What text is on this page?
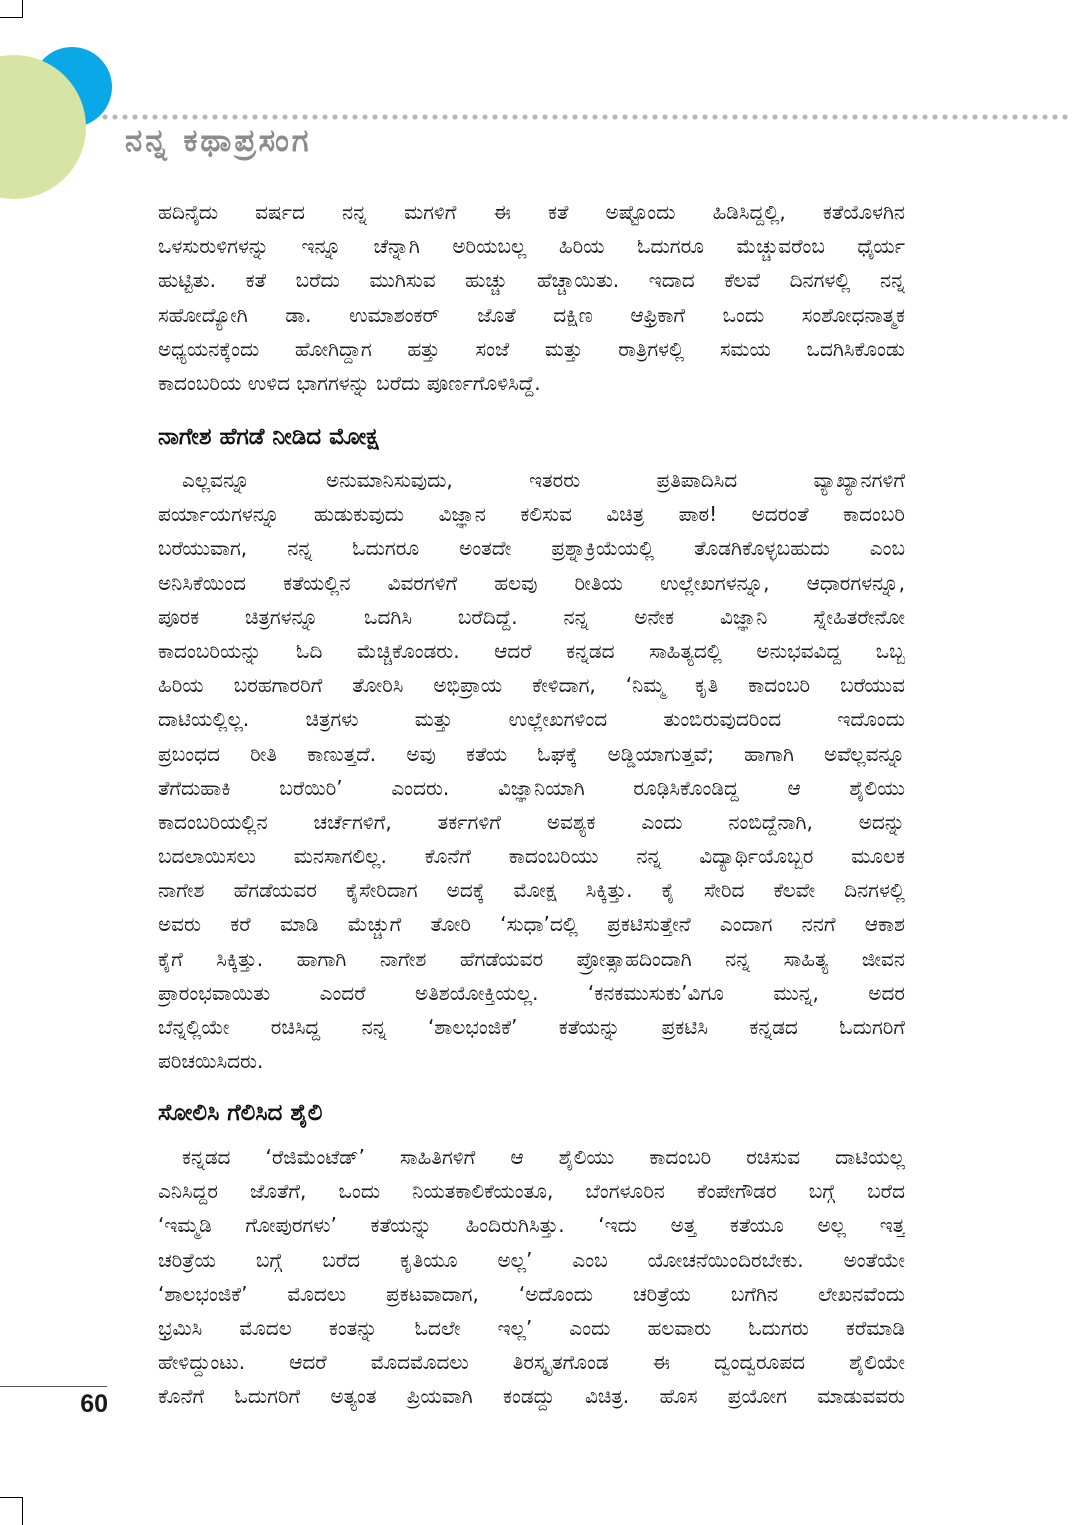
ನನ್ನ ಕಥಾಪ್ರಸಂಗ
ಹದಿನೈದು ವರ್ಷದ ನನ್ನ ಮಗಳಿಗೆ ಈ ಕತೆ ಅಷ್ಟೊಂದು ಹಿಡಿಸಿದ್ದಲ್ಲಿ, ಕತೆಯೊಳಗಿನ
ಒಳಸುರುಳಿಗಳನ್ನು ಇನ್ನೂ ಚೆನ್ನಾಗಿ ಅರಿಯಬಲ್ಲ ಹಿರಿಯ ಓದುಗರೂ ಮೆಚ್ಚುವರೆಂಬ ಧೈರ್ಯ
ಹುಟ್ಟಿತು. ಕತೆ ಬರೆದು ಮುಗಿಸುವ ಹುಚ್ಚು ಹೆಚ್ಚಾಯಿತು. ಇದಾದ ಕೆಲವೆ ದಿನಗಳಲ್ಲಿ ನನ್ನ
ಸಹೋದ್ಯೋಗಿ ಡಾ. ಉಮಾಶಂಕರ್ ಜೊತೆ ದಕ್ಷಿಣ ಆಫ್ರಿಕಾಗೆ ಒಂದು ಸಂಶೋಧನಾತ್ಮಕ
ಅಧ್ಯಯನಕ್ಕೆಂದು ಹೋಗಿದ್ದಾಗ ಹತ್ತು ಸಂಜೆ ಮತ್ತು ರಾತ್ರಿಗಳಲ್ಲಿ ಸಮಯ ಒದಗಿಸಿಕೊಂಡು
ಕಾದಂಬರಿಯ ಉಳಿದ ಭಾಗಗಳನ್ನು ಬರೆದು ಪೂರ್ಣಗೊಳಿಸಿದ್ದೆ.
ನಾಗೇಶ ಹೆಗಡೆ ನೀಡಿದ ಮೋಕ್ಷ
ಎಲ್ಲವನ್ನೂ ಅನುಮಾನಿಸುವುದು, ಇತರರು ಪ್ರತಿಪಾದಿಸಿದ ವ್ಯಾಖ್ಯಾನಗಳಿಗೆ
ಪರ್ಯಾಯಗಳನ್ನೂ ಹುಡುಕುವುದು ವಿಜ್ಞಾನ ಕಲಿಸುವ ವಿಚಿತ್ರ ಪಾಠ! ಅದರಂತೆ ಕಾದಂಬರಿ
ಬರೆಯುವಾಗ, ನನ್ನ ಓದುಗರೂ ಅಂತದೇ ಪ್ರಶ್ನಾಕ್ರಿಯೆಯಲ್ಲಿ ತೊಡಗಿಕೊಳ್ಳಬಹುದು ಎಂಬ
ಅನಿಸಿಕೆಯಿಂದ ಕತೆಯಲ್ಲಿನ ವಿವರಗಳಿಗೆ ಹಲವು ರೀತಿಯ ಉಲ್ಲೇಖಗಳನ್ನೂ, ಆಧಾರಗಳನ್ನೂ,
ಪೂರಕ ಚಿತ್ರಗಳನ್ನೂ ಒದಗಿಸಿ ಬರೆದಿದ್ದೆ. ನನ್ನ ಅನೇಕ ವಿಜ್ಞಾನಿ ಸ್ನೇಹಿತರೇನೋ
ಕಾದಂಬರಿಯನ್ನು ಓದಿ ಮೆಚ್ಚಿಕೊಂಡರು. ಆದರೆ ಕನ್ನಡದ ಸಾಹಿತ್ಯದಲ್ಲಿ ಅನುಭವವಿದ್ದ ಒಬ್ಬ
ಹಿರಿಯ ಬರಹಗಾರರಿಗೆ ತೋರಿಸಿ ಅಭಿಪ್ರಾಯ ಕೇಳಿದಾಗ, ‘ನಿಮ್ಮ ಕೃತಿ ಕಾದಂಬರಿ ಬರೆಯುವ
ದಾಟಿಯಲ್ಲಿಲ್ಲ. ಚಿತ್ರಗಳು ಮತ್ತು ಉಲ್ಲೇಖಗಳಿಂದ ತುಂಬಿರುವುದರಿಂದ ಇದೊಂದು
ಪ್ರಬಂಧದ ರೀತಿ ಕಾಣುತ್ತದೆ. ಅವು ಕತೆಯ ಓಘಕ್ಕೆ ಅಡ್ಡಿಯಾಗುತ್ತವೆ; ಹಾಗಾಗಿ ಅವೆಲ್ಲವನ್ನೂ
ತೆಗೆದುಹಾಕಿ ಬರೆಯಿರಿ’ ಎಂದರು. ವಿಜ್ಞಾನಿಯಾಗಿ ರೂಢಿಸಿಕೊಂಡಿದ್ದ ಆ ಶೈಲಿಯು
ಕಾದಂಬರಿಯಲ್ಲಿನ ಚರ್ಚೆಗಳಿಗೆ, ತರ್ಕಗಳಿಗೆ ಅವಶ್ಯಕ ಎಂದು ನಂಬಿದ್ದೆನಾಗಿ, ಅದನ್ನು
ಬದಲಾಯಿಸಲು ಮನಸಾಗಲಿಲ್ಲ. ಕೊನೆಗೆ ಕಾದಂಬರಿಯು ನನ್ನ ವಿದ್ಯಾರ್ಥಿಯೊಬ್ಬರ ಮೂಲಕ
ನಾಗೇಶ ಹೆಗಡೆಯವರ ಕೈಸೇರಿದಾಗ ಅದಕ್ಕೆ ಮೋಕ್ಷ ಸಿಕ್ಕಿತ್ತು. ಕೈ ಸೇರಿದ ಕೆಲವೇ ದಿನಗಳಲ್ಲಿ
ಅವರು ಕರೆ ಮಾಡಿ ಮೆಚ್ಚುಗೆ ತೋರಿ ‘ಸುಧಾ’ದಲ್ಲಿ ಪ್ರಕಟಿಸುತ್ತೇನೆ ಎಂದಾಗ ನನಗೆ ಆಕಾಶ
ಕೈಗೆ ಸಿಕ್ಕಿತ್ತು. ಹಾಗಾಗಿ ನಾಗೇಶ ಹೆಗಡೆಯವರ ಪ್ರೋತ್ಸಾಹದಿಂದಾಗಿ ನನ್ನ ಸಾಹಿತ್ಯ ಜೀವನ
ಪ್ರಾರಂಭವಾಯಿತು ಎಂದರೆ ಅತಿಶಯೋಕ್ತಿಯಲ್ಲ. ‘ಕನಕಮುಸುಕು’ವಿಗೂ ಮುನ್ನ, ಅದರ
ಬೆನ್ನಲ್ಲಿಯೇ ರಚಿಸಿದ್ದ ನನ್ನ ‘ಶಾಲಭಂಜಿಕೆ’ ಕತೆಯನ್ನು ಪ್ರಕಟಿಸಿ ಕನ್ನಡದ ಓದುಗರಿಗೆ
ಪರಿಚಯಿಸಿದರು.
ಸೋಲಿಸಿ ಗೆಲಿಸಿದ ಶೈಲಿ
ಕನ್ನಡದ ‘ರೆಜಿಮೆಂಟೆಡ್’ ಸಾಹಿತಿಗಳಿಗೆ ಆ ಶೈಲಿಯು ಕಾದಂಬರಿ ರಚಿಸುವ ದಾಟಿಯಲ್ಲ
ಎನಿಸಿದ್ದರ ಜೊತೆಗೆ, ಒಂದು ನಿಯತಕಾಲಿಕೆಯಂತೂ, ಬೆಂಗಳೂರಿನ ಕೆಂಪೇಗೌಡರ ಬಗ್ಗೆ ಬರೆದ
‘ಇಮ್ಮಡಿ ಗೋಪುರಗಳು’ ಕತೆಯನ್ನು ಹಿಂದಿರುಗಿಸಿತ್ತು. ‘ಇದು ಅತ್ತ ಕತೆಯೂ ಅಲ್ಲ ಇತ್ತ
ಚರಿತ್ರೆಯ ಬಗ್ಗೆ ಬರೆದ ಕೃತಿಯೂ ಅಲ್ಲ’ ಎಂಬ ಯೋಚನೆಯಿಂದಿರಬೇಕು. ಅಂತೆಯೇ
‘ಶಾಲಭಂಜಿಕೆ’ ಮೊದಲು ಪ್ರಕಟವಾದಾಗ, ‘ಅದೊಂದು ಚರಿತ್ರೆಯ ಬಗೆಗಿನ ಲೇಖನವೆಂದು
ಭ್ರಮಿಸಿ ಮೊದಲ ಕಂತನ್ನು ಓದಲೇ ಇಲ್ಲ’ ಎಂದು ಹಲವಾರು ಓದುಗರು ಕರೆಮಾಡಿ
ಹೇಳಿದ್ದುಂಟು. ಆದರೆ ಮೊದಮೊದಲು ತಿರಸ್ಕೃತಗೊಂಡ ಈ ದ್ವಂದ್ವರೂಪದ ಶೈಲಿಯೇ
ಕೊನೆಗೆ ಓದುಗರಿಗೆ ಅತ್ಯಂತ ಪ್ರಿಯವಾಗಿ ಕಂಡದ್ದು ವಿಚಿತ್ರ. ಹೊಸ ಪ್ರಯೋಗ ಮಾಡುವವರು
60
